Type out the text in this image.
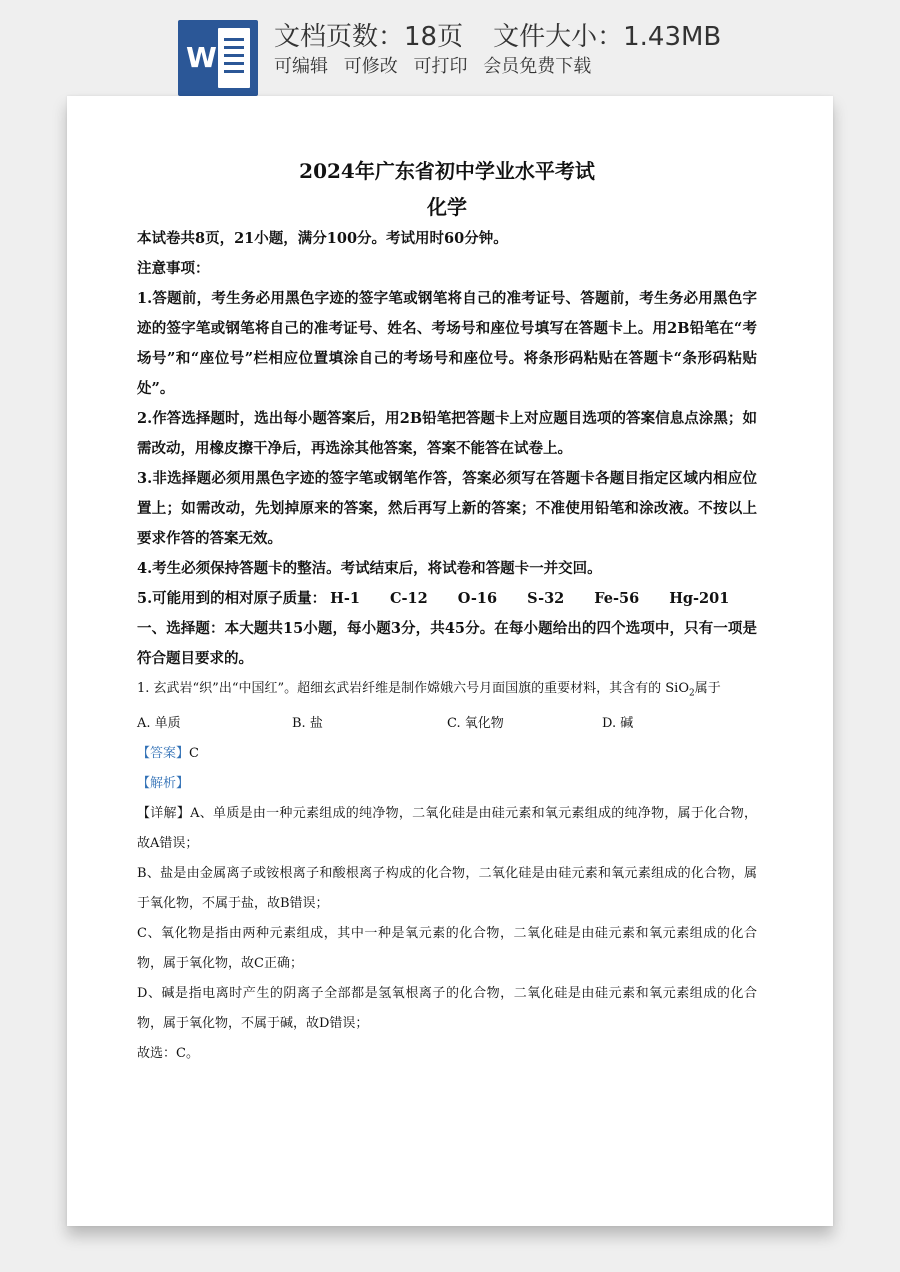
W
文档页数：18页 文件大小：1.43MB
可编辑 可修改 可打印 会员免费下载

2024年广东省初中学业水平考试

化学

本试卷共8页，21小题，满分100分。考试用时60分钟。

注意事项：

1.答题前，考生务必用黑色字迹的签字笔或钢笔将自己的准考证号、答题前，考生务必用黑色字迹的签字笔或钢笔将自己的准考证号、姓名、考场号和座位号填写在答题卡上。用2B铅笔在“考场号”和“座位号”栏相应位置填涂自己的考场号和座位号。将条形码粘贴在答题卡“条形码粘贴处”。

2.作答选择题时，选出每小题答案后，用2B铅笔把答题卡上对应题目选项的答案信息点涂黑；如需改动，用橡皮擦干净后，再选涂其他答案，答案不能答在试卷上。

3.非选择题必须用黑色字迹的签字笔或钢笔作答，答案必须写在答题卡各题目指定区域内相应位置上；如需改动，先划掉原来的答案，然后再写上新的答案；不准使用铅笔和涂改液。不按以上要求作答的答案无效。

4.考生必须保持答题卡的整洁。考试结束后，将试卷和答题卡一并交回。

5.可能用到的相对原子质量： H-1 C-12 O-16 S-32 Fe-56 Hg-201

一、选择题：本大题共15小题，每小题3分，共45分。在每小题给出的四个选项中，只有一项是符合题目要求的。

1. 玄武岩“织”出“中国红”。超细玄武岩纤维是制作嫦娥六号月面国旗的重要材料，其含有的 SiO$_2$属于

A. 单质	B. 盐	C. 氧化物	D. 碱

【答案】C

【解析】

【详解】A、单质是由一种元素组成的纯净物，二氧化硅是由硅元素和氧元素组成的纯净物，属于化合物，故A错误；

B、盐是由金属离子或铵根离子和酸根离子构成的化合物，二氧化硅是由硅元素和氧元素组成的化合物，属于氧化物，不属于盐，故B错误；

C、氧化物是指由两种元素组成，其中一种是氧元素的化合物，二氧化硅是由硅元素和氧元素组成的化合物，属于氧化物，故C正确；

D、碱是指电离时产生的阴离子全部都是氢氧根离子的化合物，二氧化硅是由硅元素和氧元素组成的化合物，属于氧化物，不属于碱，故D错误；

故选：C。
